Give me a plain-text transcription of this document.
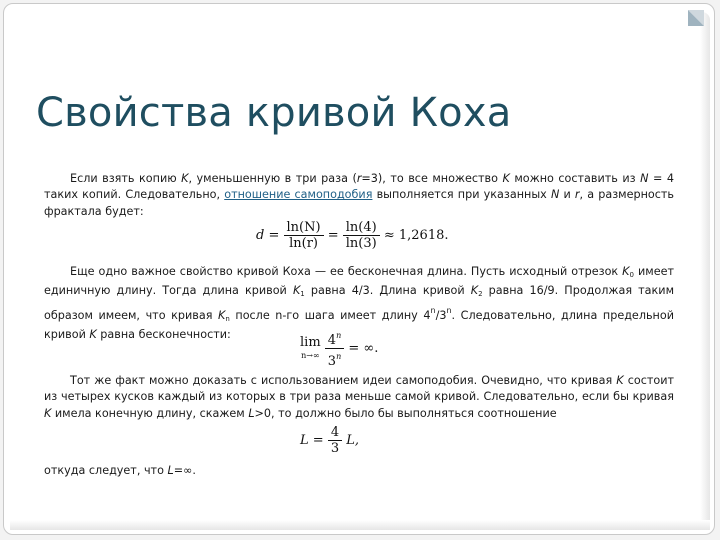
Свойства кривой Коха
Если взять копию K, уменьшенную в три раза (r=3), то все множество K можно составить из N = 4 таких копий. Следовательно, отношение самоподобия выполняется при указанных N и r, а размерность фрактала будет:
$d = \frac{\ln(N)}{\ln(r)} = \frac{\ln(4)}{\ln(3)} \approx 1,2618$.
Еще одно важное свойство кривой Коха — ее бесконечная длина. Пусть исходный отрезок K0 имеет единичную длину. Тогда длина кривой K1 равна 4/3. Длина кривой K2 равна 16/9. Продолжая таким образом имеем, что кривая Kn после n-го шага имеет длину 4$^n$/3$^n$. Следовательно, длина предельной кривой K равна бесконечности:	lim
n→∞
$\frac{4^n}{3^n}$ = ∞.
Тот же факт можно доказать с использованием идеи самоподобия. Очевидно, что кривая K состоит из четырех кусков каждый из которых в три раза меньше самой кривой. Следовательно, если бы кривая K имела конечную длину, скажем L>0, то должно было бы выполняться соотношение
$L = \frac{4}{3} L$,
откуда следует, что L=∞.
